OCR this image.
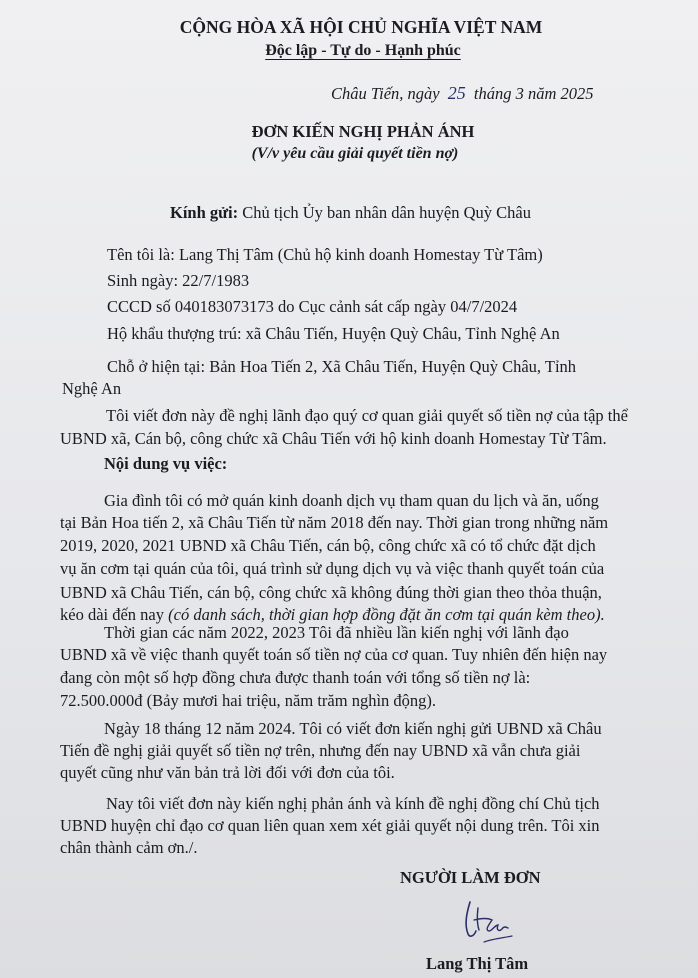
CỘNG HÒA XÃ HỘI CHỦ NGHĨA VIỆT NAM
Độc lập - Tự do - Hạnh phúc
Châu Tiến, ngày 25 tháng 3 năm 2025
ĐƠN KIẾN NGHỊ PHẢN ÁNH
(V/v yêu cầu giải quyết tiền nợ)
Kính gửi: Chủ tịch Ủy ban nhân dân huyện Quỳ Châu
Tên tôi là: Lang Thị Tâm (Chủ hộ kinh doanh Homestay Từ Tâm)
Sinh ngày: 22/7/1983
CCCD số 040183073173 do Cục cảnh sát cấp ngày 04/7/2024
Hộ khẩu thượng trú: xã Châu Tiến, Huyện Quỳ Châu, Tỉnh Nghệ An
Chỗ ở hiện tại: Bản Hoa Tiến 2, Xã Châu Tiến, Huyện Quỳ Châu, Tỉnh
Nghệ An
Tôi viết đơn này đề nghị lãnh đạo quý cơ quan giải quyết số tiền nợ của tập thể
UBND xã, Cán bộ, công chức xã Châu Tiến với hộ kinh doanh Homestay Từ Tâm.
Nội dung vụ việc:
Gia đình tôi có mở quán kinh doanh dịch vụ tham quan du lịch và ăn, uống
tại Bản Hoa tiến 2, xã Châu Tiến từ năm 2018 đến nay. Thời gian trong những năm
2019, 2020, 2021 UBND xã Châu Tiến, cán bộ, công chức xã có tổ chức đặt dịch
vụ ăn cơm tại quán của tôi, quá trình sử dụng dịch vụ và việc thanh quyết toán của
UBND xã Châu Tiến, cán bộ, công chức xã không đúng thời gian theo thỏa thuận,
kéo dài đến nay (có danh sách, thời gian hợp đồng đặt ăn cơm tại quán kèm theo).
Thời gian các năm 2022, 2023 Tôi đã nhiều lần kiến nghị với lãnh đạo
UBND xã về việc thanh quyết toán số tiền nợ của cơ quan. Tuy nhiên đến hiện nay
đang còn một số hợp đồng chưa được thanh toán với tổng số tiền nợ là:
72.500.000đ (Bảy mươi hai triệu, năm trăm nghìn động).
Ngày 18 tháng 12 năm 2024. Tôi có viết đơn kiến nghị gửi UBND xã Châu
Tiến đề nghị giải quyết số tiền nợ trên, nhưng đến nay UBND xã vẫn chưa giải
quyết cũng như văn bản trả lời đối với đơn của tôi.
Nay tôi viết đơn này kiến nghị phản ánh và kính đề nghị đồng chí Chủ tịch
UBND huyện chỉ đạo cơ quan liên quan xem xét giải quyết nội dung trên. Tôi xin
chân thành cảm ơn./.
NGƯỜI LÀM ĐƠN
Lang Thị Tâm
